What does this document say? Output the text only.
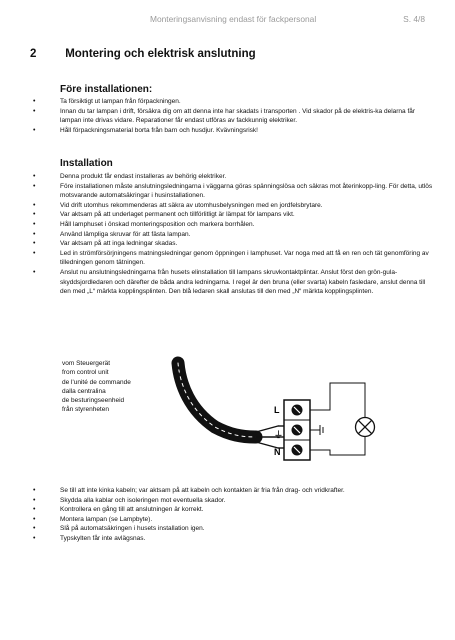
Monteringsanvisning endast för fackpersonal	S. 4/8
2	Montering och elektrisk anslutning
Före installationen:
• Ta försiktigt ut lampan från förpackningen.
• Innan du tar lampan i drift, försäkra dig om att denna inte har skadats i transporten . Vid skador på de elektris-ka delarna får lampan inte drivas vidare. Reparationer får endast utföras av fackkunnig elektriker.
• Håll förpackningsmaterial borta från barn och husdjur. Kvävningsrisk!
Installation
• Denna produkt får endast installeras av behörig elektriker.
• Före installationen måste anslutningsledningarna i väggarna göras spänningslösa och säkras mot återinkopp-ling. För detta, utlös motsvarande automatsäkringar i husinstallationen.
• Vid drift utomhus rekommenderas att säkra av utomhusbelysningen med en jordfelsbrytare.
• Var aktsam på att underlaget permanent och tillförlitligt är lämpat för lampans vikt.
• Håll lamphuset i önskad monteringsposition och markera borrhålen.
• Använd lämpliga skruvar för att fästa lampan.
• Var aktsam på att inga ledningar skadas.
• Led in strömförsörjningens matningsledningar genom öppningen i lamphuset. Var noga med att få en ren och tät genomföring av tilledningen genom tätningen.
• Anslut nu anslutningsledningarna från husets elinstallation till lampans skruvkontaktplintar. Anslut först den grön-gula-skyddsjordledaren och därefter de båda andra ledningarna. I regel är den bruna (eller svarta) kabeln fasledare, anslut denna till den med „L“ märkta kopplingsplinten. Den blå ledaren skall anslutas till den med „N“ märkta kopplingsplinten.
vom Steuergerät
from control unit
de l'unité de commande
dalla centralina
de besturingseenheid
från styrenheten	L
⏚
N
• Se till att inte kinka kabeln; var aktsam på att kabeln och kontakten är fria från drag- och vridkrafter.
• Skydda alla kablar och isoleringen mot eventuella skador.
• Kontrollera en gång till att anslutningen är korrekt.
• Montera lampan (se Lampbyte).
• Slå på automatsäkringen i husets installation igen.
• Typskylten får inte avlägsnas.
